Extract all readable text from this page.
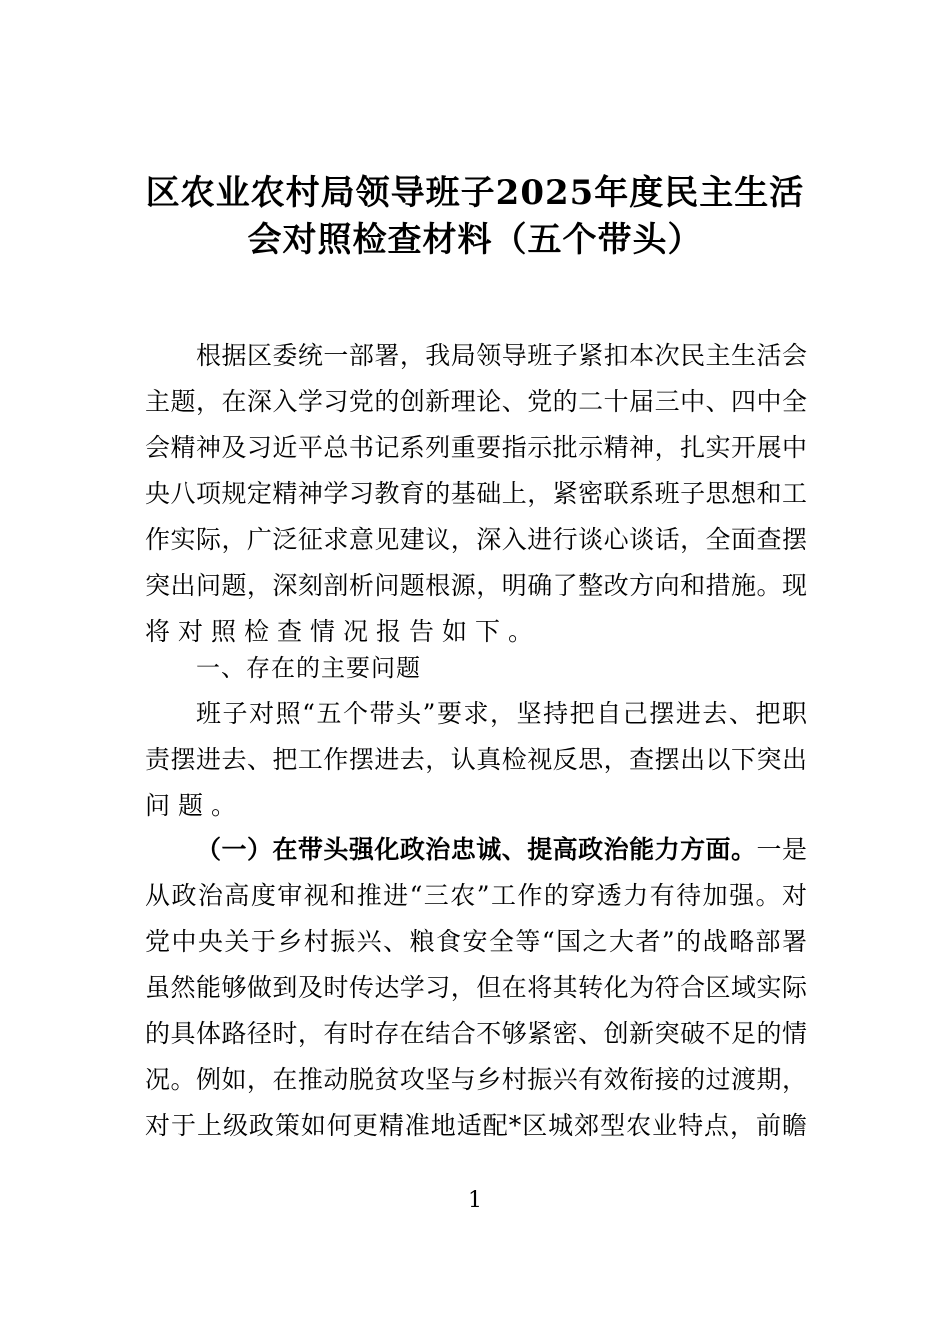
区农业农村局领导班子2025年度民主生活
会对照检查材料（五个带头）
根据区委统一部署，我局领导班子紧扣本次民主生活会
主题，在深入学习党的创新理论、党的二十届三中、四中全
会精神及习近平总书记系列重要指示批示精神，扎实开展中
央八项规定精神学习教育的基础上，紧密联系班子思想和工
作实际，广泛征求意见建议，深入进行谈心谈话，全面查摆
突出问题，深刻剖析问题根源，明确了整改方向和措施。现
将对照检查情况报告如下。
一、存在的主要问题
班子对照“五个带头”要求，坚持把自己摆进去、把职
责摆进去、把工作摆进去，认真检视反思，查摆出以下突出
问题。
（一）在带头强化政治忠诚、提高政治能力方面。一是
从政治高度审视和推进“三农”工作的穿透力有待加强。对
党中央关于乡村振兴、粮食安全等“国之大者”的战略部署
虽然能够做到及时传达学习，但在将其转化为符合区域实际
的具体路径时，有时存在结合不够紧密、创新突破不足的情
况。例如，在推动脱贫攻坚与乡村振兴有效衔接的过渡期，
对于上级政策如何更精准地适配*区城郊型农业特点，前瞻
1
